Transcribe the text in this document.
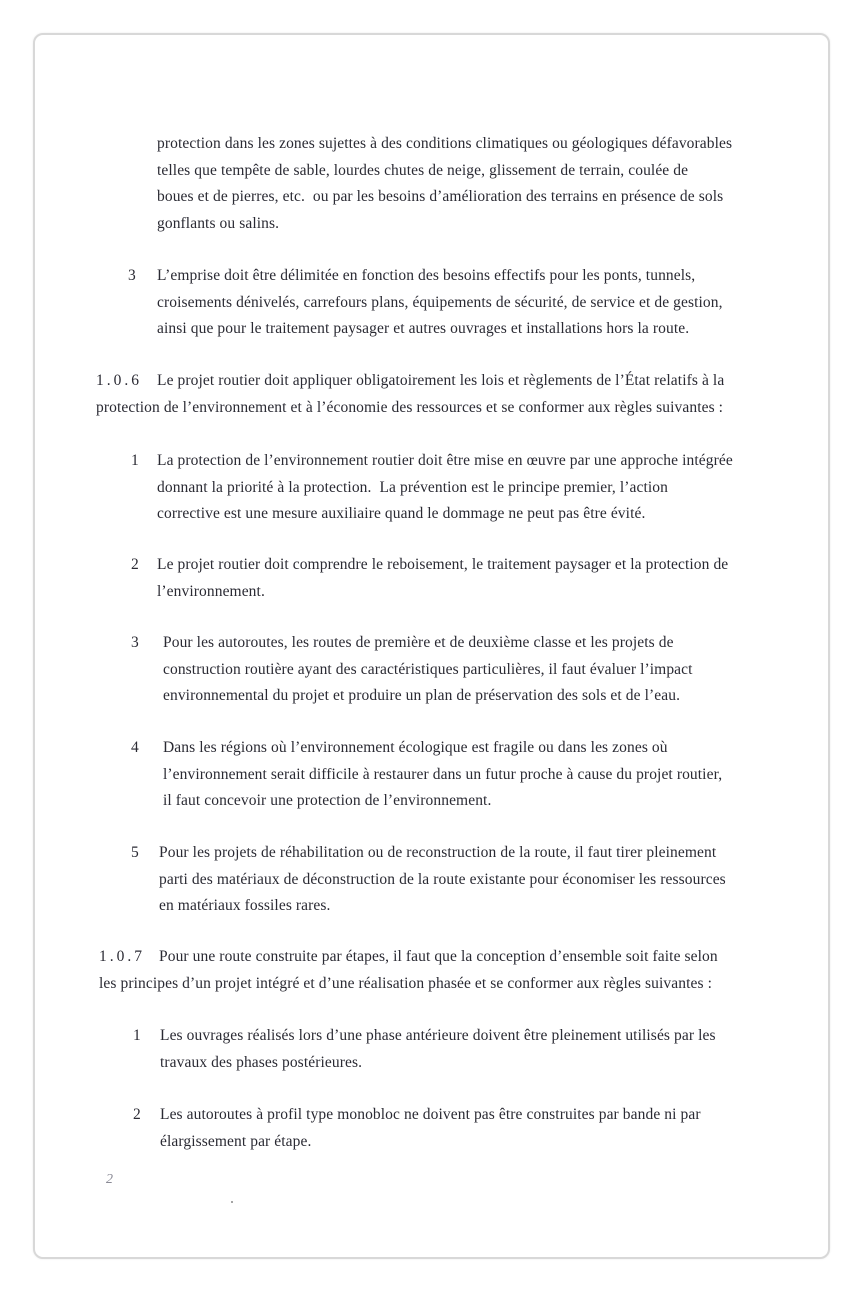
protection dans les zones sujettes à des conditions climatiques ou géologiques défavorables
telles que tempête de sable, lourdes chutes de neige, glissement de terrain, coulée de
boues et de pierres, etc.  ou par les besoins d’amélioration des terrains en présence de sols
gonflants ou salins.
3 L’emprise doit être délimitée en fonction des besoins effectifs pour les ponts, tunnels,
croisements dénivelés, carrefours plans, équipements de sécurité, de service et de gestion,
ainsi que pour le traitement paysager et autres ouvrages et installations hors la route.
1.0.6 Le projet routier doit appliquer obligatoirement les lois et règlements de l’État relatifs à la
protection de l’environnement et à l’économie des ressources et se conformer aux règles suivantes :
1 La protection de l’environnement routier doit être mise en œuvre par une approche intégrée
donnant la priorité à la protection.  La prévention est le principe premier, l’action
corrective est une mesure auxiliaire quand le dommage ne peut pas être évité.
2 Le projet routier doit comprendre le reboisement, le traitement paysager et la protection de
l’environnement.
3 Pour les autoroutes, les routes de première et de deuxième classe et les projets de
construction routière ayant des caractéristiques particulières, il faut évaluer l’impact
environnemental du projet et produire un plan de préservation des sols et de l’eau.
4 Dans les régions où l’environnement écologique est fragile ou dans les zones où
l’environnement serait difficile à restaurer dans un futur proche à cause du projet routier,
il faut concevoir une protection de l’environnement.
5 Pour les projets de réhabilitation ou de reconstruction de la route, il faut tirer pleinement
parti des matériaux de déconstruction de la route existante pour économiser les ressources
en matériaux fossiles rares.
1.0.7 Pour une route construite par étapes, il faut que la conception d’ensemble soit faite selon
les principes d’un projet intégré et d’une réalisation phasée et se conformer aux règles suivantes :
1 Les ouvrages réalisés lors d’une phase antérieure doivent être pleinement utilisés par les
travaux des phases postérieures.
2 Les autoroutes à profil type monobloc ne doivent pas être construites par bande ni par
élargissement par étape.
2
